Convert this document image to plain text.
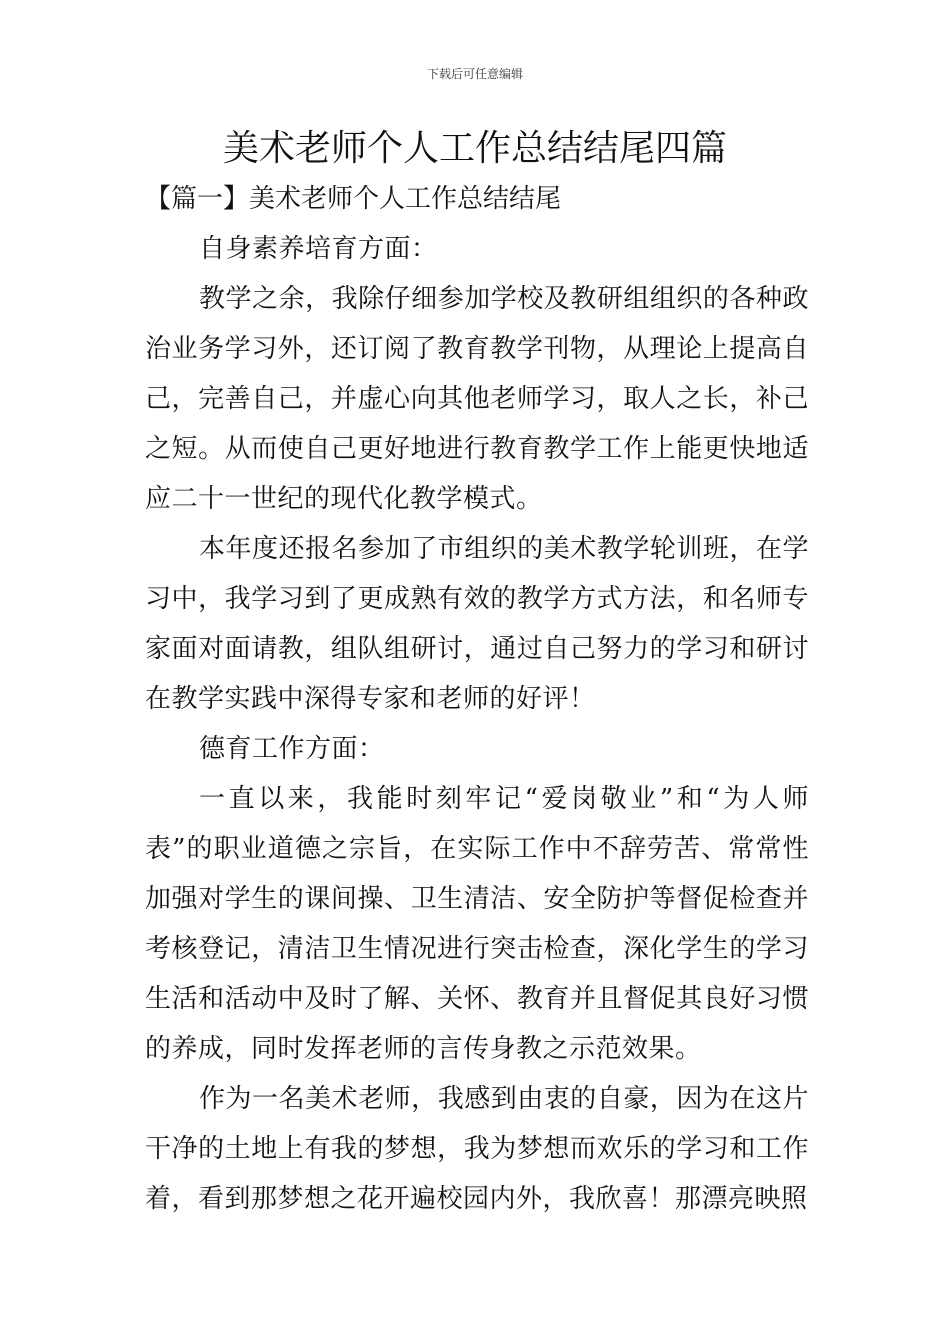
下载后可任意编辑
美术老师个人工作总结结尾四篇

【篇一】美术老师个人工作总结结尾

自身素养培育方面：

教学之余，我除仔细参加学校及教研组组织的各种政治业务学习外，还订阅了教育教学刊物，从理论上提高自己，完善自己，并虚心向其他老师学习，取人之长，补己之短。从而使自己更好地进行教育教学工作上能更快地适应二十一世纪的现代化教学模式。

本年度还报名参加了市组织的美术教学轮训班，在学习中，我学习到了更成熟有效的教学方式方法，和名师专家面对面请教，组队组研讨，通过自己努力的学习和研讨在教学实践中深得专家和老师的好评！

德育工作方面：

一直以来，我能时刻牢记“爱岗敬业”和“为人师表”的职业道德之宗旨，在实际工作中不辞劳苦、常常性加强对学生的课间操、卫生清洁、安全防护等督促检查并考核登记，清洁卫生情况进行突击检查，深化学生的学习生活和活动中及时了解、关怀、教育并且督促其良好习惯的养成，同时发挥老师的言传身教之示范效果。

作为一名美术老师，我感到由衷的自豪，因为在这片干净的土地上有我的梦想，我为梦想而欢乐的学习和工作着，看到那梦想之花开遍校园内外，我欣喜！那漂亮映照
